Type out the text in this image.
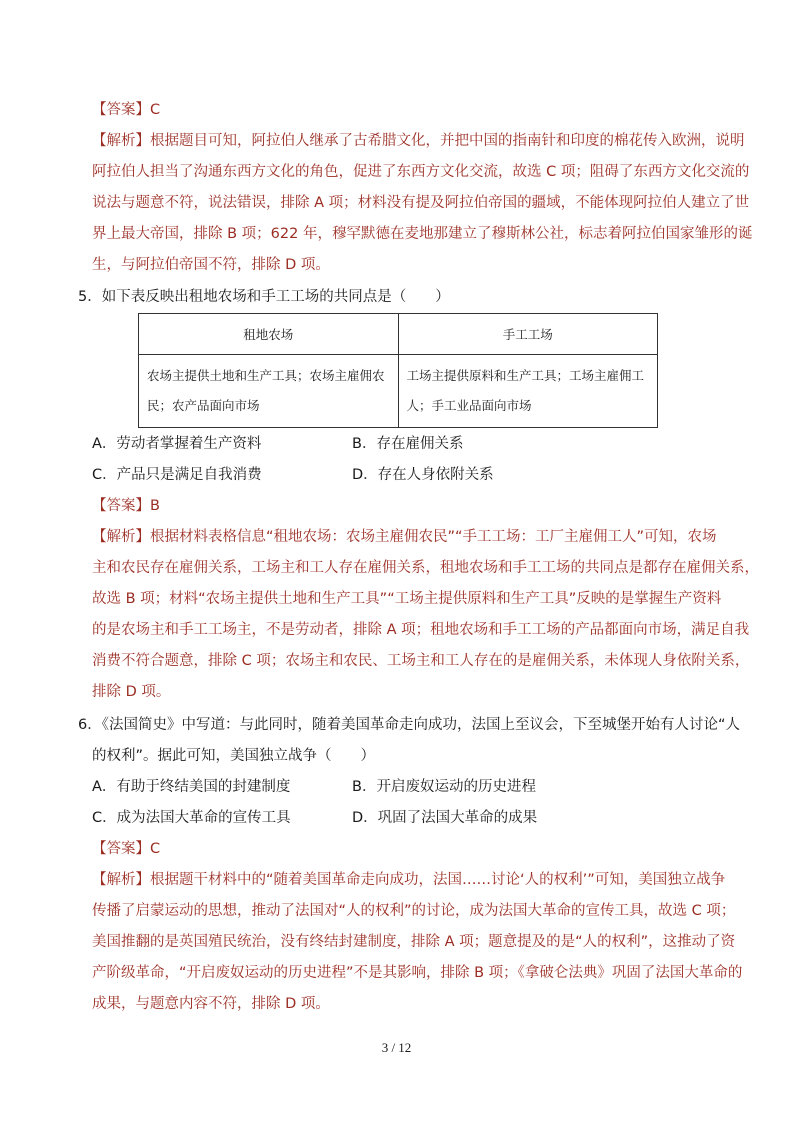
【答案】C
【解析】根据题目可知，阿拉伯人继承了古希腊文化，并把中国的指南针和印度的棉花传入欧洲，说明
阿拉伯人担当了沟通东西方文化的角色，促进了东西方文化交流，故选 C 项；阻碍了东西方文化交流的
说法与题意不符，说法错误，排除 A 项；材料没有提及阿拉伯帝国的疆域，不能体现阿拉伯人建立了世
界上最大帝国，排除 B 项；622 年，穆罕默德在麦地那建立了穆斯林公社，标志着阿拉伯国家雏形的诞
生，与阿拉伯帝国不符，排除 D 项。
5．如下表反映出租地农场和手工工场的共同点是（　　）
租地农场	手工工场
农场主提供土地和生产工具；农场主雇佣农民；农产品面向市场	工场主提供原料和生产工具；工场主雇佣工人；手工业品面向市场
A．劳动者掌握着生产资料	B．存在雇佣关系
C．产品只是满足自我消费	D．存在人身依附关系
【答案】B
【解析】根据材料表格信息“租地农场：农场主雇佣农民”“手工工场：工厂主雇佣工人”可知，农场
主和农民存在雇佣关系，工场主和工人存在雇佣关系，租地农场和手工工场的共同点是都存在雇佣关系，
故选 B 项；材料“农场主提供土地和生产工具”“工场主提供原料和生产工具”反映的是掌握生产资料
的是农场主和手工工场主，不是劳动者，排除 A 项；租地农场和手工工场的产品都面向市场，满足自我
消费不符合题意，排除 C 项；农场主和农民、工场主和工人存在的是雇佣关系，未体现人身依附关系，
排除 D 项。
6．《法国简史》中写道：与此同时，随着美国革命走向成功，法国上至议会，下至城堡开始有人讨论“人
的权利”。据此可知，美国独立战争（　　）
A．有助于终结美国的封建制度	B．开启废奴运动的历史进程
C．成为法国大革命的宣传工具	D．巩固了法国大革命的成果
【答案】C
【解析】根据题干材料中的“随着美国革命走向成功，法国……讨论‘人的权利’”可知，美国独立战争
传播了启蒙运动的思想，推动了法国对“人的权利”的讨论，成为法国大革命的宣传工具，故选 C 项；
美国推翻的是英国殖民统治，没有终结封建制度，排除 A 项；题意提及的是“人的权利”，这推动了资
产阶级革命，“开启废奴运动的历史进程”不是其影响，排除 B 项；《拿破仑法典》巩固了法国大革命的
成果，与题意内容不符，排除 D 项。
3 / 12
